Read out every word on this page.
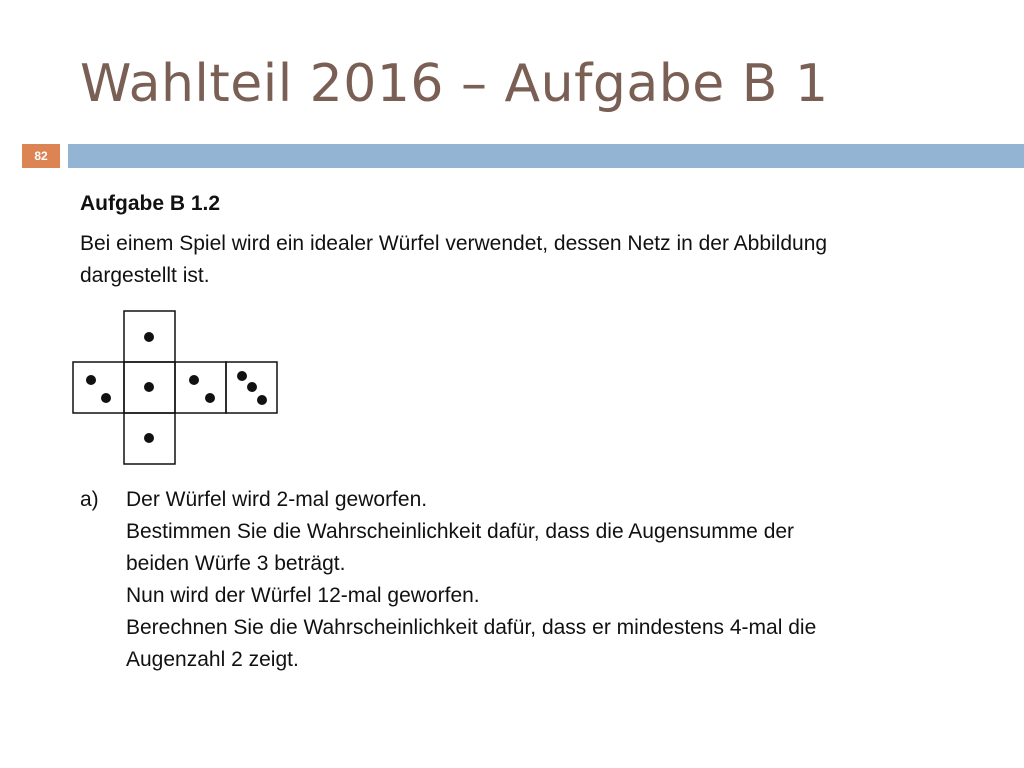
Wahlteil 2016 – Aufgabe B 1
82

Aufgabe B 1.2

Bei einem Spiel wird ein idealer Würfel verwendet, dessen Netz in der Abbildung dargestellt ist.

a) Der Würfel wird 2-mal geworfen.
Bestimmen Sie die Wahrscheinlichkeit dafür, dass die Augensumme der
beiden Würfe 3 beträgt.
Nun wird der Würfel 12-mal geworfen.
Berechnen Sie die Wahrscheinlichkeit dafür, dass er mindestens 4-mal die
Augenzahl 2 zeigt.
